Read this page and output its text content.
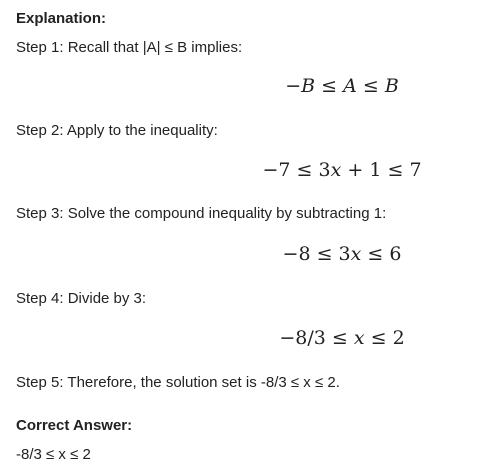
Explanation:
Step 1: Recall that |A| ≤ B implies:
−B ≤ A ≤ B
Step 2: Apply to the inequality:
−7 ≤ 3x + 1 ≤ 7
Step 3: Solve the compound inequality by subtracting 1:
−8 ≤ 3x ≤ 6
Step 4: Divide by 3:
−8/3 ≤ x ≤ 2
Step 5: Therefore, the solution set is -8/3 ≤ x ≤ 2.
Correct Answer:
-8/3 ≤ x ≤ 2
